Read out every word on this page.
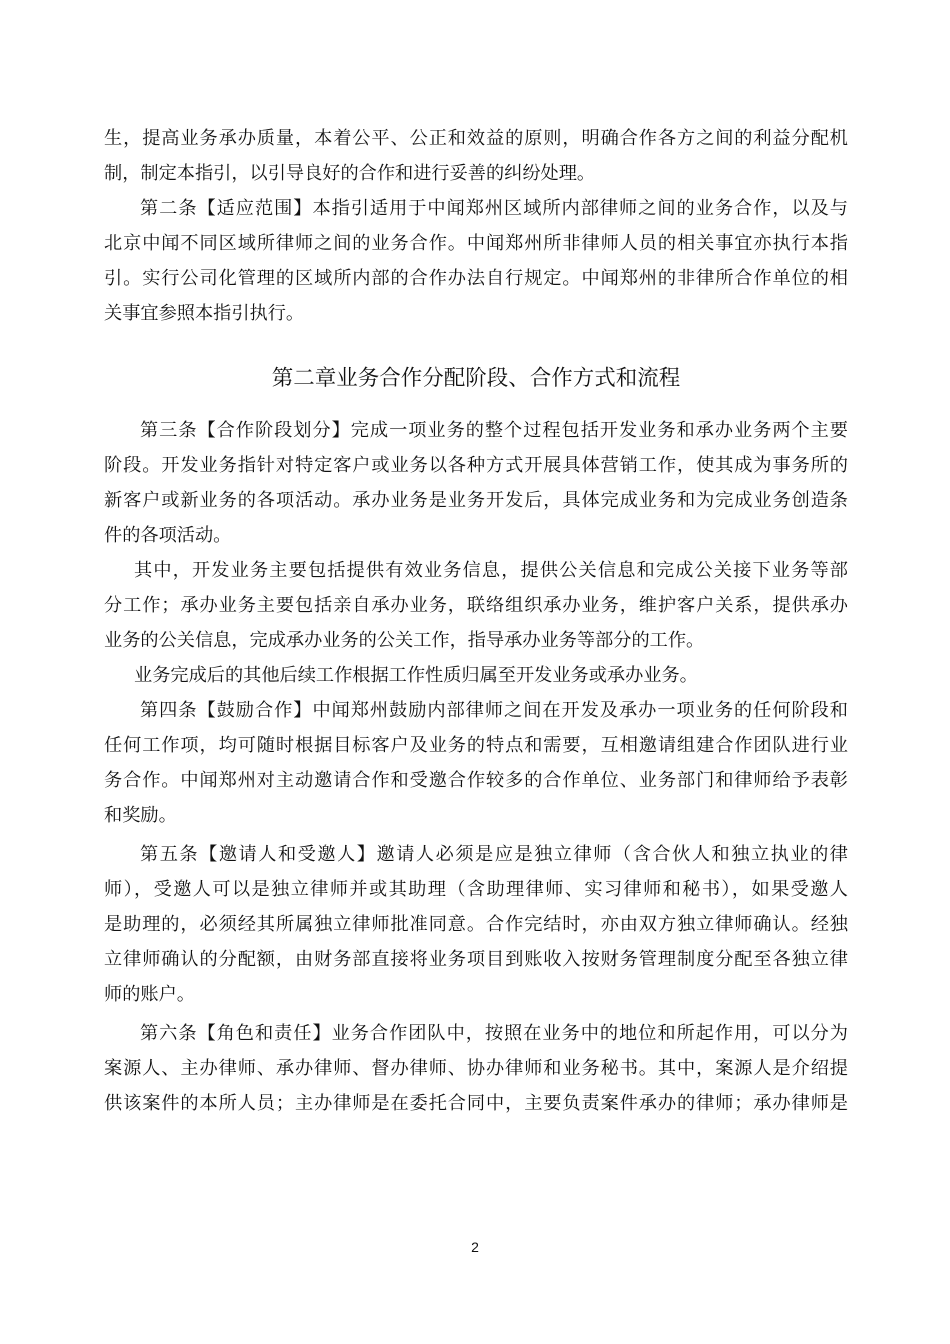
生，提高业务承办质量，本着公平、公正和效益的原则，明确合作各方之间的利益分配机
制，制定本指引，以引导良好的合作和进行妥善的纠纷处理。
第二条【适应范围】本指引适用于中闻郑州区域所内部律师之间的业务合作，以及与
北京中闻不同区域所律师之间的业务合作。中闻郑州所非律师人员的相关事宜亦执行本指
引。实行公司化管理的区域所内部的合作办法自行规定。中闻郑州的非律所合作单位的相
关事宜参照本指引执行。
第二章业务合作分配阶段、合作方式和流程
第三条【合作阶段划分】完成一项业务的整个过程包括开发业务和承办业务两个主要
阶段。开发业务指针对特定客户或业务以各种方式开展具体营销工作，使其成为事务所的
新客户或新业务的各项活动。承办业务是业务开发后，具体完成业务和为完成业务创造条
件的各项活动。
其中，开发业务主要包括提供有效业务信息，提供公关信息和完成公关接下业务等部
分工作；承办业务主要包括亲自承办业务，联络组织承办业务，维护客户关系，提供承办
业务的公关信息，完成承办业务的公关工作，指导承办业务等部分的工作。
业务完成后的其他后续工作根据工作性质归属至开发业务或承办业务。
第四条【鼓励合作】中闻郑州鼓励内部律师之间在开发及承办一项业务的任何阶段和
任何工作项，均可随时根据目标客户及业务的特点和需要，互相邀请组建合作团队进行业
务合作。中闻郑州对主动邀请合作和受邀合作较多的合作单位、业务部门和律师给予表彰
和奖励。
第五条【邀请人和受邀人】邀请人必须是应是独立律师（含合伙人和独立执业的律
师），受邀人可以是独立律师并或其助理（含助理律师、实习律师和秘书），如果受邀人
是助理的，必须经其所属独立律师批准同意。合作完结时，亦由双方独立律师确认。经独
立律师确认的分配额，由财务部直接将业务项目到账收入按财务管理制度分配至各独立律
师的账户。
第六条【角色和责任】业务合作团队中，按照在业务中的地位和所起作用，可以分为
案源人、主办律师、承办律师、督办律师、协办律师和业务秘书。其中，案源人是介绍提
供该案件的本所人员；主办律师是在委托合同中，主要负责案件承办的律师；承办律师是
2
